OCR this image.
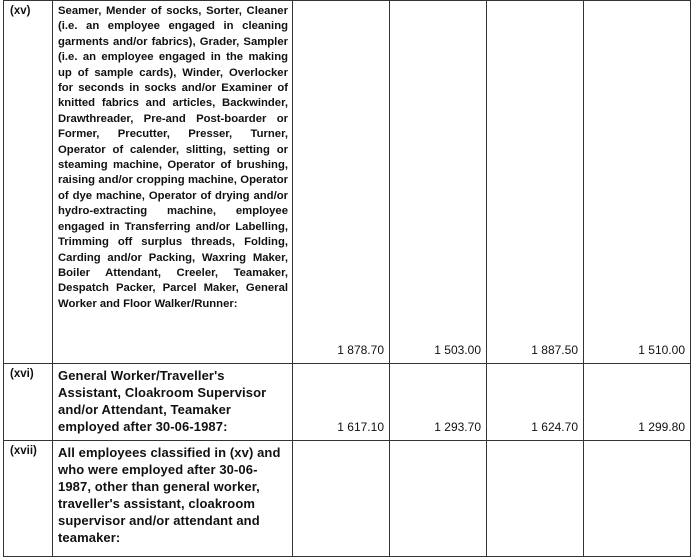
(xv)	Seamer, Mender of socks, Sorter, Cleaner (i.e. an employee engaged in cleaning garments and/or fabrics), Grader, Sampler (i.e. an employee engaged in the making up of sample cards), Winder, Overlocker for seconds in socks and/or Examiner of knitted fabrics and articles, Backwinder, Drawthreader, Pre-and Post-boarder or Former, Precutter, Presser, Turner, Operator of calender, slitting, setting or steaming machine, Operator of brushing, raising and/or cropping machine, Operator of dye machine, Operator of drying and/or hydro-extracting machine, employee engaged in Transferring and/or Labelling, Trimming off surplus threads, Folding, Carding and/or Packing, Waxring Maker, Boiler Attendant, Creeler, Teamaker, Despatch Packer, Parcel Maker, General Worker and Floor Walker/Runner:	1 878.70	1 503.00	1 887.50	1 510.00
(xvi)	General Worker/Traveller's Assistant, Cloakroom Supervisor and/or Attendant, Teamaker employed after 30-06-1987:	1 617.10	1 293.70	1 624.70	1 299.80
(xvii)	All employees classified in (xv) and who were employed after 30-06-1987, other than general worker, traveller's assistant, cloakroom supervisor and/or attendant and teamaker:				
